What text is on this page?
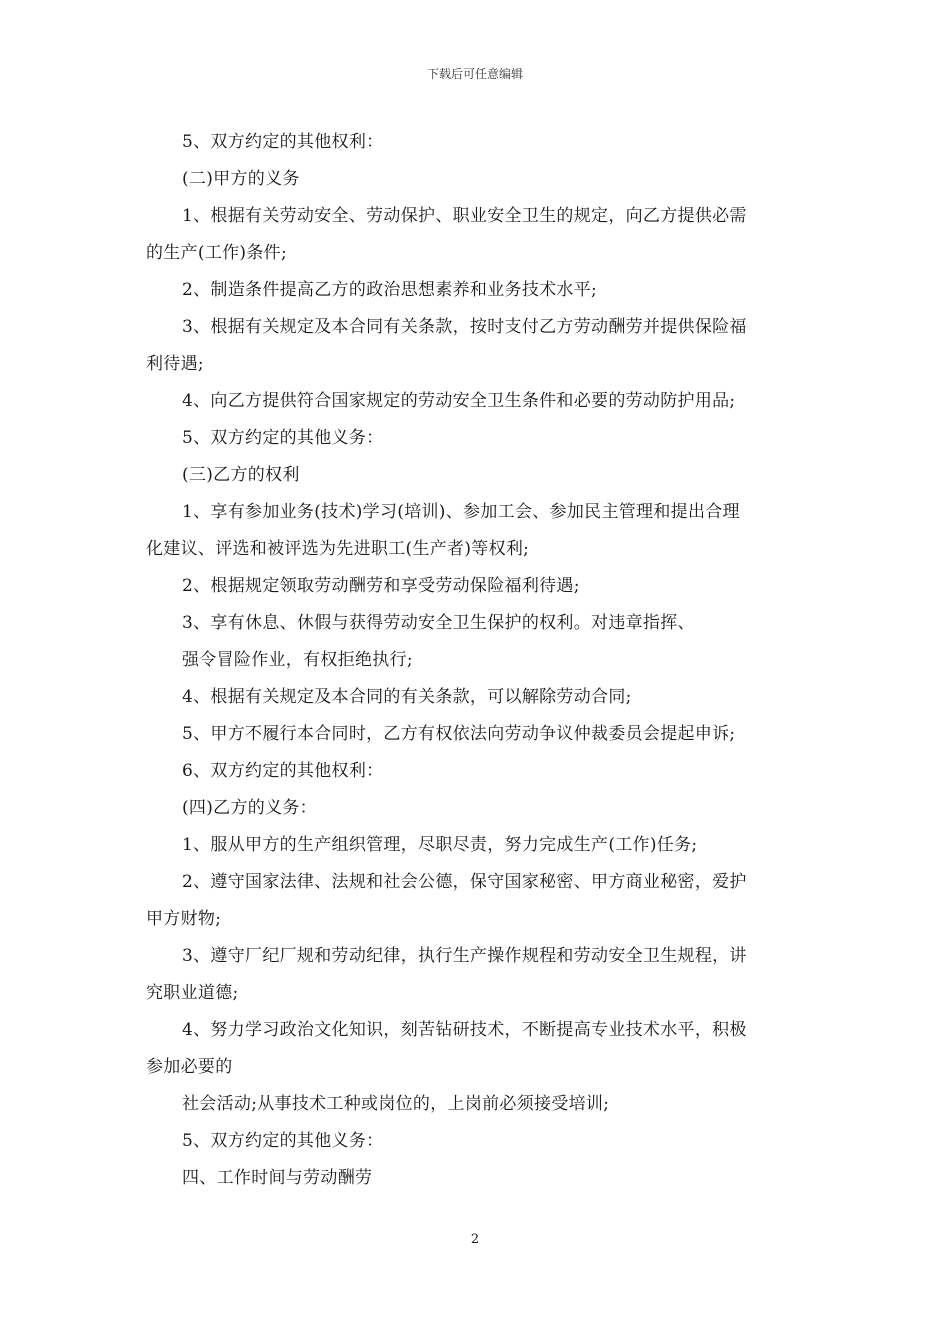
下载后可任意编辑
5、双方约定的其他权利：
(二)甲方的义务
1、根据有关劳动安全、劳动保护、职业安全卫生的规定，向乙方提供必需
的生产(工作)条件;
2、制造条件提高乙方的政治思想素养和业务技术水平;
3、根据有关规定及本合同有关条款，按时支付乙方劳动酬劳并提供保险福
利待遇;
4、向乙方提供符合国家规定的劳动安全卫生条件和必要的劳动防护用品;
5、双方约定的其他义务：
(三)乙方的权利
1、享有参加业务(技术)学习(培训)、参加工会、参加民主管理和提出合理
化建议、评选和被评选为先进职工(生产者)等权利;
2、根据规定领取劳动酬劳和享受劳动保险福利待遇;
3、享有休息、休假与获得劳动安全卫生保护的权利。对违章指挥、
强令冒险作业，有权拒绝执行;
4、根据有关规定及本合同的有关条款，可以解除劳动合同;
5、甲方不履行本合同时，乙方有权依法向劳动争议仲裁委员会提起申诉;
6、双方约定的其他权利：
(四)乙方的义务：
1、服从甲方的生产组织管理，尽职尽责，努力完成生产(工作)任务;
2、遵守国家法律、法规和社会公德，保守国家秘密、甲方商业秘密，爱护
甲方财物;
3、遵守厂纪厂规和劳动纪律，执行生产操作规程和劳动安全卫生规程，讲
究职业道德;
4、努力学习政治文化知识，刻苦钻研技术，不断提高专业技术水平，积极
参加必要的
社会活动;从事技术工种或岗位的，上岗前必须接受培训;
5、双方约定的其他义务：
四、工作时间与劳动酬劳
2
